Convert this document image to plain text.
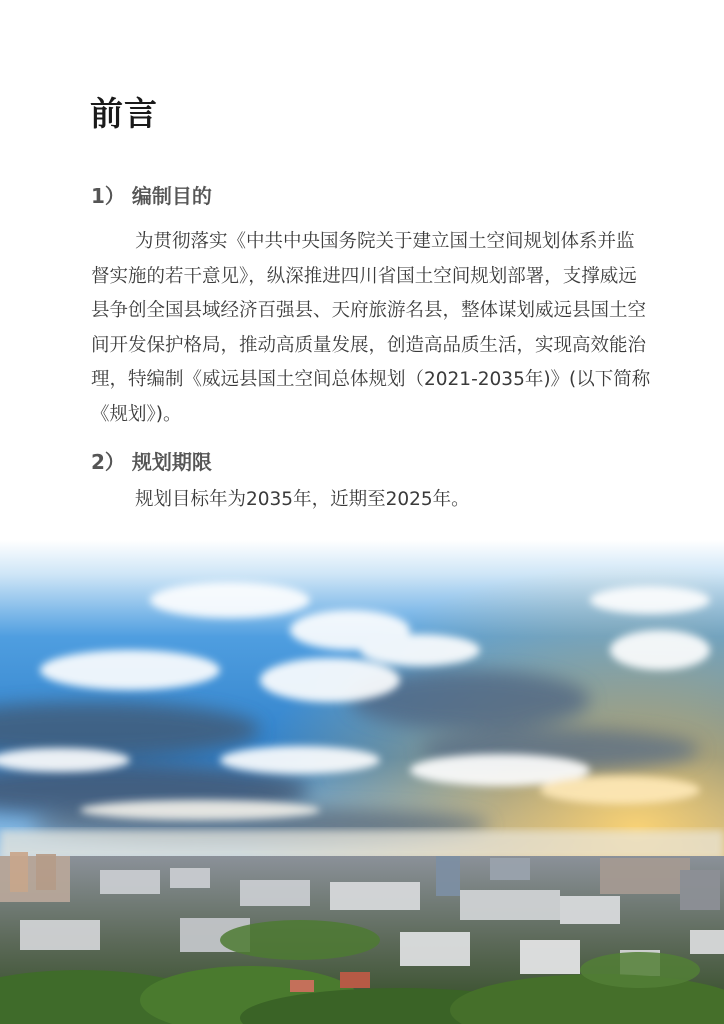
前言
1） 编制目的

为贯彻落实《中共中央国务院关于建立国土空间规划体系并监督实施的若干意见》，纵深推进四川省国土空间规划部署，支撑威远县争创全国县域经济百强县、天府旅游名县，整体谋划威远县国土空间开发保护格局，推动高质量发展，创造高品质生活，实现高效能治理，特编制《威远县国土空间总体规划（2021-2035年)》(以下简称《规划》)。

2） 规划期限

规划目标年为2035年，近期至2025年。
